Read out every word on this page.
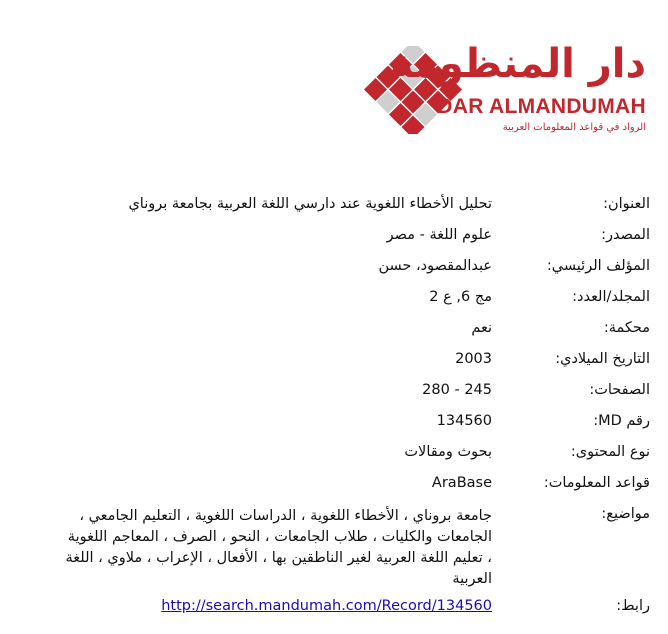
دار المنظومة
DAR ALMANDUMAH
الرواد في قواعد المعلومات العربية
العنوان:
تحليل الأخطاء اللغوية عند دارسي اللغة العربية بجامعة بروناي
المصدر:
علوم اللغة - مصر
المؤلف الرئيسي:
عبدالمقصود، حسن
المجلد/العدد:
مج 6, ع 2
محكمة:
نعم
التاريخ الميلادي:
2003
الصفحات:
245 - 280
رقم MD:
134560
نوع المحتوى:
بحوث ومقالات
قواعد المعلومات:
AraBase
مواضيع:
جامعة بروناي ، الأخطاء اللغوية ، الدراسات اللغوية ، التعليم الجامعي ، الجامعات والكليات ، طلاب الجامعات ، النحو ، الصرف ، المعاجم اللغوية ، تعليم اللغة العربية لغير الناطقين بها ، الأفعال ، الإعراب ، ملاوي ، اللغة العربية
رابط:
http://search.mandumah.com/Record/134560
